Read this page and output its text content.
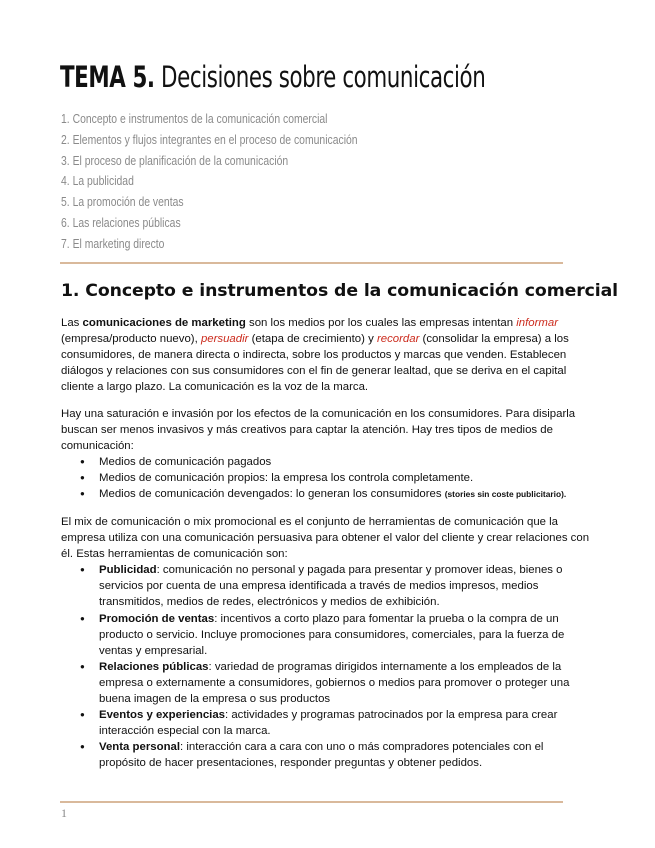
TEMA 5. Decisiones sobre comunicación
1. Concepto e instrumentos de la comunicación comercial
2. Elementos y flujos integrantes en el proceso de comunicación
3. El proceso de planificación de la comunicación
4. La publicidad
5. La promoción de ventas
6. Las relaciones públicas
7. El marketing directo
1. Concepto e instrumentos de la comunicación comercial

Las comunicaciones de marketing son los medios por los cuales las empresas intentan informar (empresa/producto nuevo), persuadir (etapa de crecimiento) y recordar (consolidar la empresa) a los consumidores, de manera directa o indirecta, sobre los productos y marcas que venden. Establecen diálogos y relaciones con sus consumidores con el fin de generar lealtad, que se deriva en el capital cliente a largo plazo. La comunicación es la voz de la marca.

Hay una saturación e invasión por los efectos de la comunicación en los consumidores. Para disiparla buscan ser menos invasivos y más creativos para captar la atención. Hay tres tipos de medios de comunicación:

● Medios de comunicación pagados
● Medios de comunicación propios: la empresa los controla completamente.
● Medios de comunicación devengados: lo generan los consumidores (stories sin coste publicitario).

El mix de comunicación o mix promocional es el conjunto de herramientas de comunicación que la empresa utiliza con una comunicación persuasiva para obtener el valor del cliente y crear relaciones con él. Estas herramientas de comunicación son:

● Publicidad: comunicación no personal y pagada para presentar y promover ideas, bienes o servicios por cuenta de una empresa identificada a través de medios impresos, medios transmitidos, medios de redes, electrónicos y medios de exhibición.
● Promoción de ventas: incentivos a corto plazo para fomentar la prueba o la compra de un producto o servicio. Incluye promociones para consumidores, comerciales, para la fuerza de ventas y empresarial.
● Relaciones públicas: variedad de programas dirigidos internamente a los empleados de la empresa o externamente a consumidores, gobiernos o medios para promover o proteger una buena imagen de la empresa o sus productos
● Eventos y experiencias: actividades y programas patrocinados por la empresa para crear interacción especial con la marca.
● Venta personal: interacción cara a cara con uno o más compradores potenciales con el propósito de hacer presentaciones, responder preguntas y obtener pedidos.
1
